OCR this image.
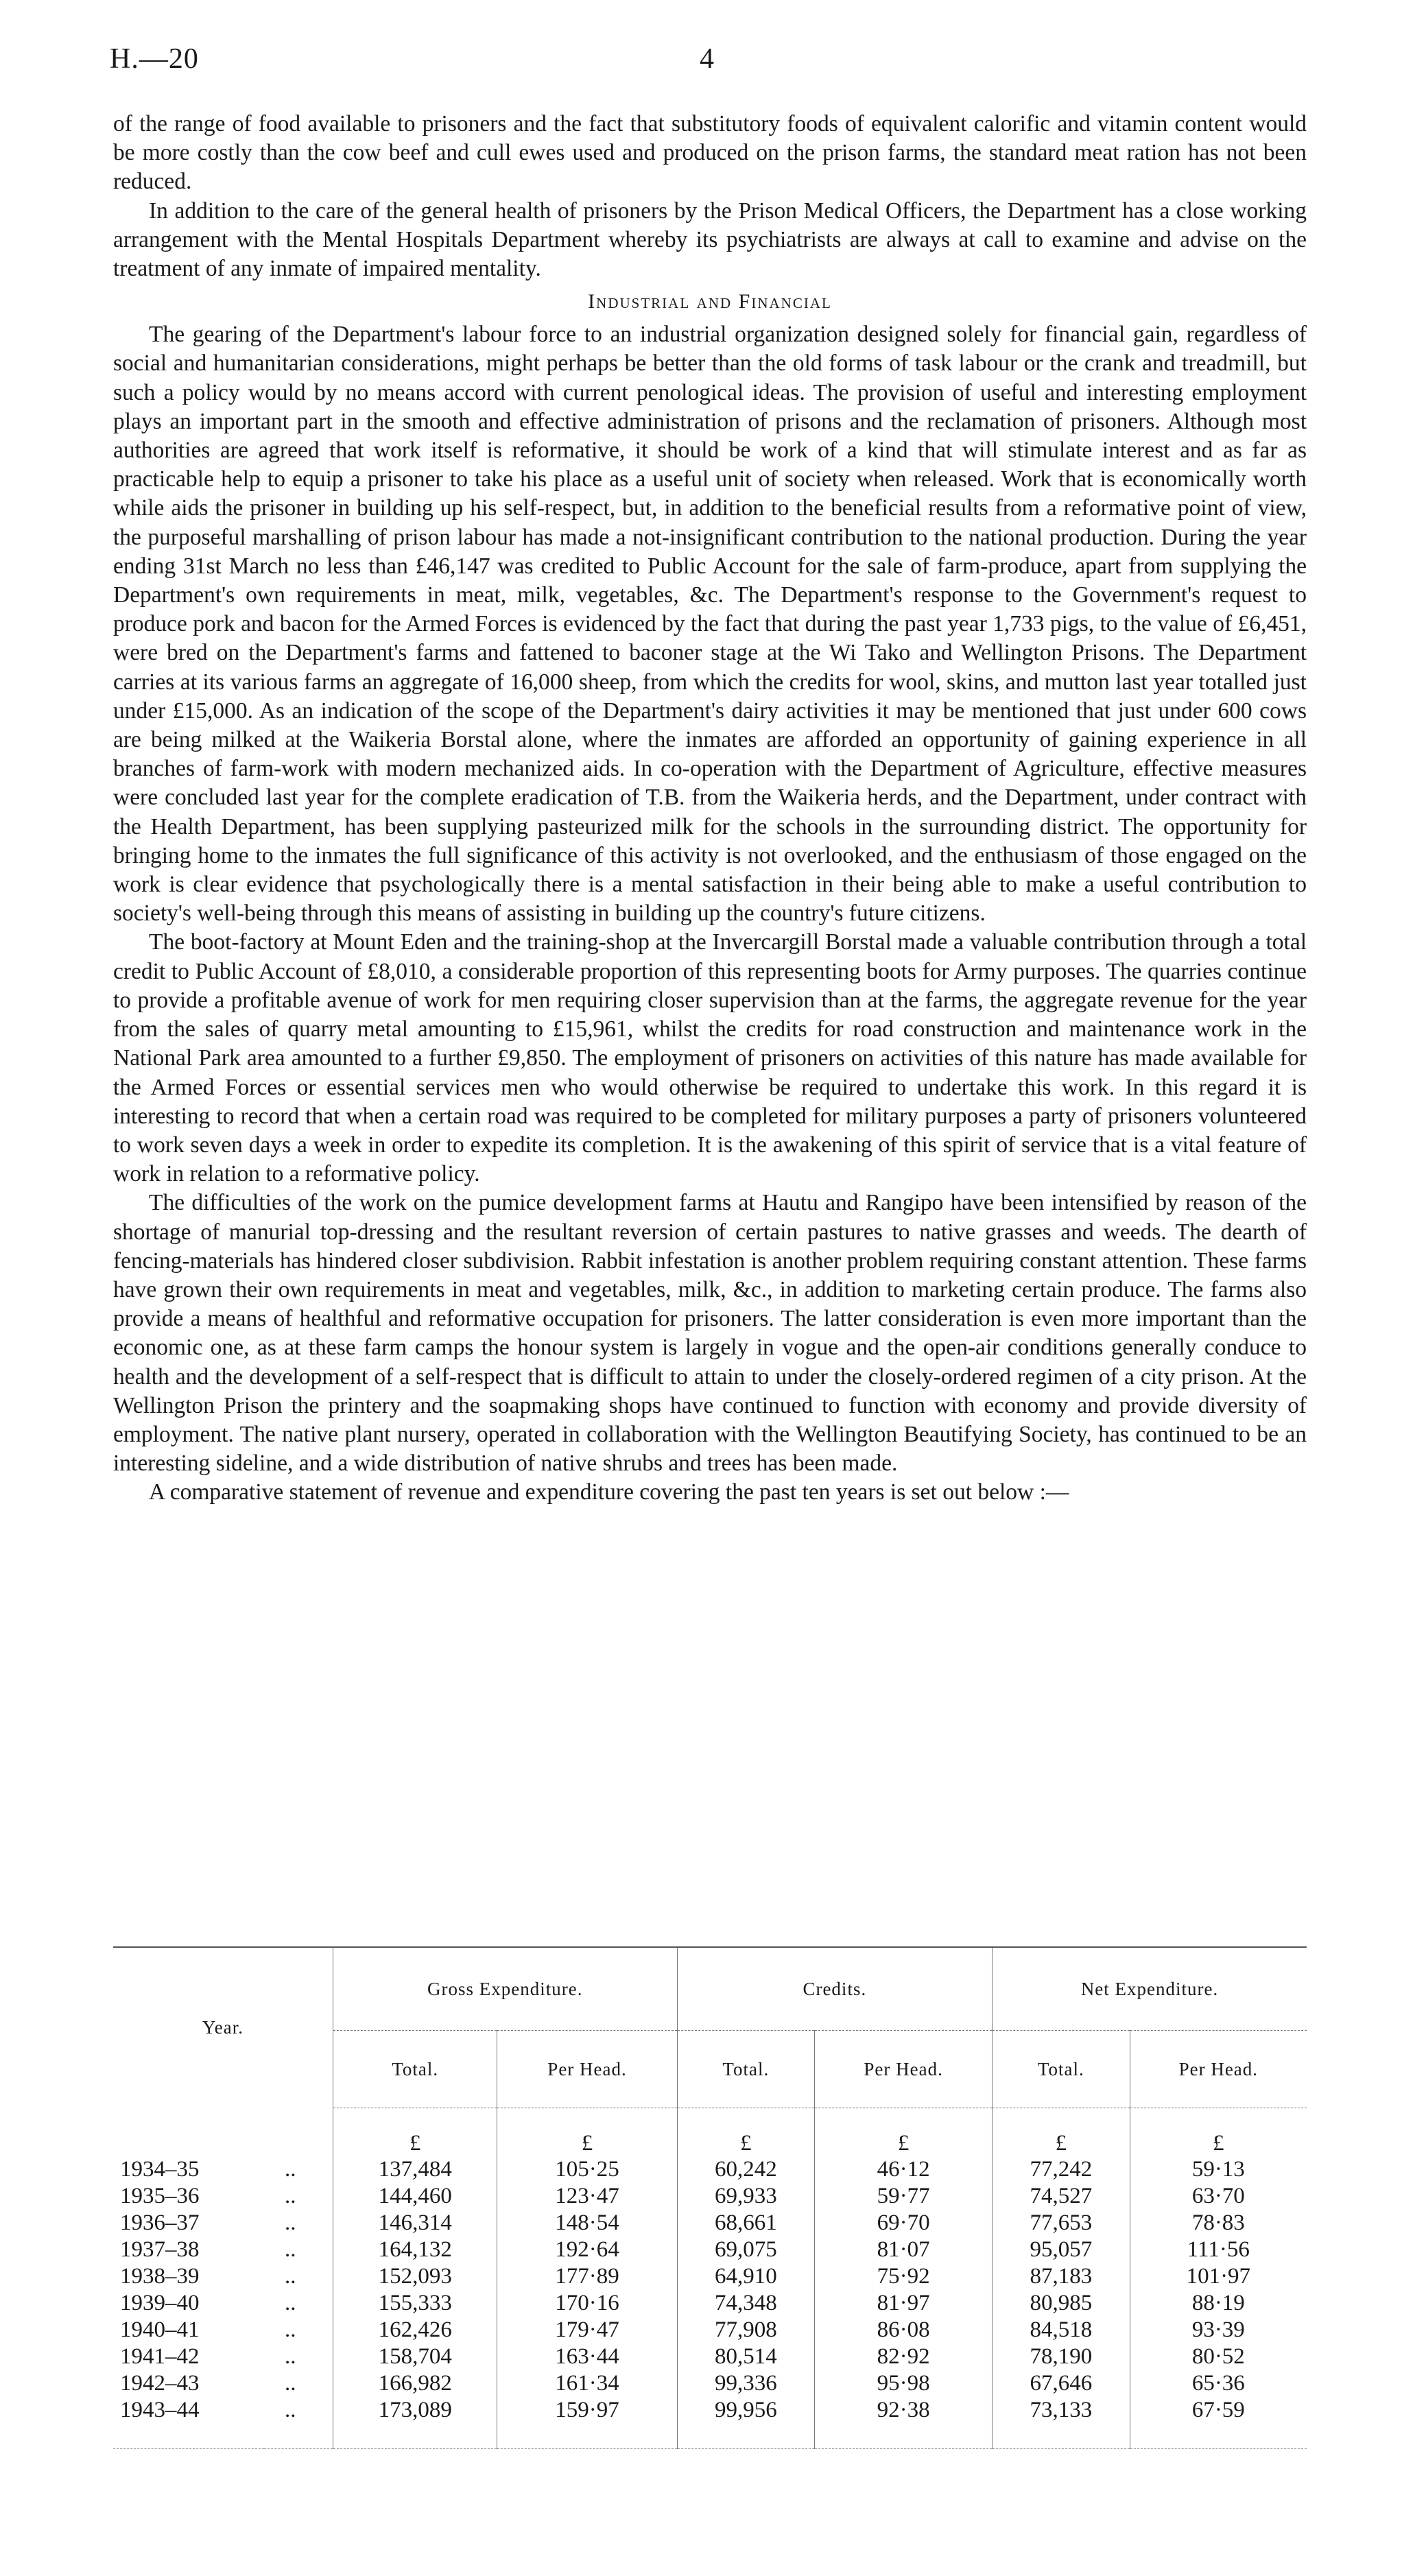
H.—20	4

of the range of food available to prisoners and the fact that substitutory foods of equivalent calorific and vitamin content would be more costly than the cow beef and cull ewes used and produced on the prison farms, the standard meat ration has not been reduced.

In addition to the care of the general health of prisoners by the Prison Medical Officers, the Department has a close working arrangement with the Mental Hospitals Department whereby its psychiatrists are always at call to examine and advise on the treatment of any inmate of impaired mentality.

Industrial and Financial

The gearing of the Department's labour force to an industrial organization designed solely for financial gain, regardless of social and humanitarian considerations, might perhaps be better than the old forms of task labour or the crank and treadmill, but such a policy would by no means accord with current penological ideas. The provision of useful and interesting employment plays an important part in the smooth and effective administration of prisons and the reclamation of prisoners. Although most authorities are agreed that work itself is reformative, it should be work of a kind that will stimulate interest and as far as practicable help to equip a prisoner to take his place as a useful unit of society when released. Work that is economically worth while aids the prisoner in building up his self-respect, but, in addition to the beneficial results from a reformative point of view, the purposeful marshalling of prison labour has made a not-insignificant contribution to the national production. During the year ending 31st March no less than £46,147 was credited to Public Account for the sale of farm-produce, apart from supplying the Department's own requirements in meat, milk, vegetables, &c. The Department's response to the Government's request to produce pork and bacon for the Armed Forces is evidenced by the fact that during the past year 1,733 pigs, to the value of £6,451, were bred on the Department's farms and fattened to baconer stage at the Wi Tako and Wellington Prisons. The Department carries at its various farms an aggregate of 16,000 sheep, from which the credits for wool, skins, and mutton last year totalled just under £15,000. As an indication of the scope of the Department's dairy activities it may be mentioned that just under 600 cows are being milked at the Waikeria Borstal alone, where the inmates are afforded an opportunity of gaining experience in all branches of farm-work with modern mechanized aids. In co-operation with the Department of Agriculture, effective measures were concluded last year for the complete eradication of T.B. from the Waikeria herds, and the Department, under contract with the Health Department, has been supplying pasteurized milk for the schools in the surrounding district. The opportunity for bringing home to the inmates the full significance of this activity is not overlooked, and the enthusiasm of those engaged on the work is clear evidence that psychologically there is a mental satisfaction in their being able to make a useful contribution to society's well-being through this means of assisting in building up the country's future citizens.

The boot-factory at Mount Eden and the training-shop at the Invercargill Borstal made a valuable contribution through a total credit to Public Account of £8,010, a considerable proportion of this representing boots for Army purposes. The quarries continue to provide a profitable avenue of work for men requiring closer supervision than at the farms, the aggregate revenue for the year from the sales of quarry metal amounting to £15,961, whilst the credits for road construction and maintenance work in the National Park area amounted to a further £9,850. The employment of prisoners on activities of this nature has made available for the Armed Forces or essential services men who would otherwise be required to undertake this work. In this regard it is interesting to record that when a certain road was required to be completed for military purposes a party of prisoners volunteered to work seven days a week in order to expedite its completion. It is the awakening of this spirit of service that is a vital feature of work in relation to a reformative policy.

The difficulties of the work on the pumice development farms at Hautu and Rangipo have been intensified by reason of the shortage of manurial top-dressing and the resultant reversion of certain pastures to native grasses and weeds. The dearth of fencing-materials has hindered closer subdivision. Rabbit infestation is another problem requiring constant attention. These farms have grown their own requirements in meat and vegetables, milk, &c., in addition to marketing certain produce. The farms also provide a means of healthful and reformative occupation for prisoners. The latter consideration is even more important than the economic one, as at these farm camps the honour system is largely in vogue and the open-air conditions generally conduce to health and the development of a self-respect that is difficult to attain to under the closely-ordered regimen of a city prison. At the Wellington Prison the printery and the soapmaking shops have continued to function with economy and provide diversity of employment. The native plant nursery, operated in collaboration with the Wellington Beautifying Society, has continued to be an interesting sideline, and a wide distribution of native shrubs and trees has been made.

A comparative statement of revenue and expenditure covering the past ten years is set out below :—

Year.		Gross Expenditure.		Credits.		Net Expenditure.	
		Total.	Per Head.	Total.	Per Head.	Total.	Per Head.
		£	£	£	£	£	£
1934–35	..	137,484	105·25	60,242	46·12	77,242	59·13
1935–36	..	144,460	123·47	69,933	59·77	74,527	63·70
1936–37	..	146,314	148·54	68,661	69·70	77,653	78·83
1937–38	..	164,132	192·64	69,075	81·07	95,057	111·56
1938–39	..	152,093	177·89	64,910	75·92	87,183	101·97
1939–40	..	155,333	170·16	74,348	81·97	80,985	88·19
1940–41	..	162,426	179·47	77,908	86·08	84,518	93·39
1941–42	..	158,704	163·44	80,514	82·92	78,190	80·52
1942–43	..	166,982	161·34	99,336	95·98	67,646	65·36
1943–44	..	173,089	159·97	99,956	92·38	73,133	67·59
